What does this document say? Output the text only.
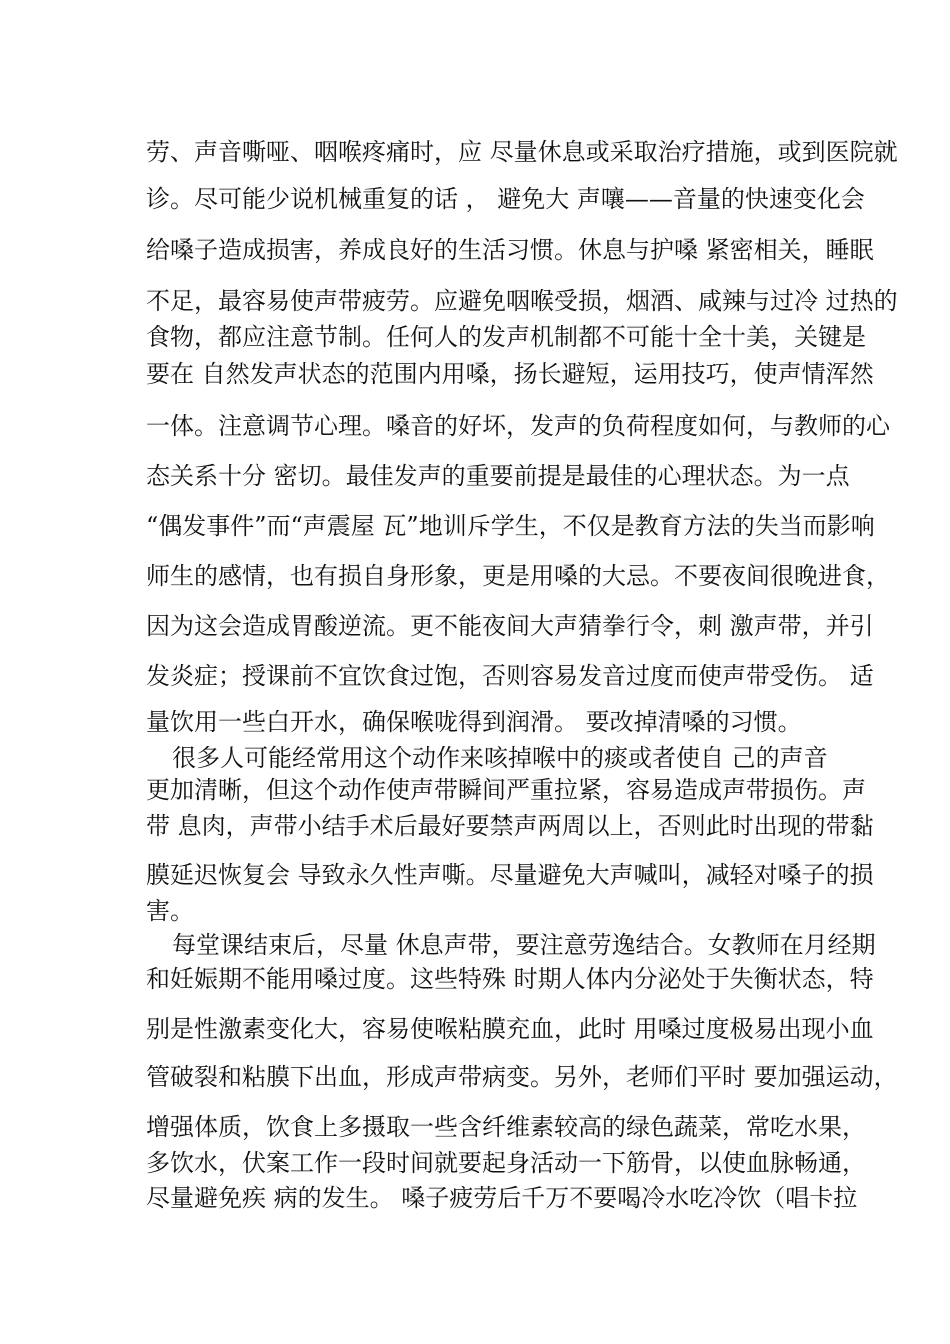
劳、声音嘶哑、咽喉疼痛时，应 尽量休息或采取治疗措施，或到医院就
诊。尽可能少说机械重复的话 ， 避免大 声嚷——音量的快速变化会
给嗓子造成损害，养成良好的生活习惯。休息与护嗓 紧密相关，睡眠
不足，最容易使声带疲劳。应避免咽喉受损，烟酒、咸辣与过冷 过热的
食物，都应注意节制。任何人的发声机制都不可能十全十美，关键是
要在 自然发声状态的范围内用嗓，扬长避短，运用技巧，使声情浑然
一体。注意调节心理。嗓音的好坏，发声的负荷程度如何，与教师的心
态关系十分 密切。最佳发声的重要前提是最佳的心理状态。为一点
“偶发事件”而“声震屋 瓦”地训斥学生，不仅是教育方法的失当而影响
师生的感情，也有损自身形象，更是用嗓的大忌。不要夜间很晚进食，
因为这会造成胃酸逆流。更不能夜间大声猜拳行令，刺 激声带，并引
发炎症；授课前不宜饮食过饱，否则容易发音过度而使声带受伤。 适
量饮用一些白开水，确保喉咙得到润滑。 要改掉清嗓的习惯。
很多人可能经常用这个动作来咳掉喉中的痰或者使自 己的声音
更加清晰，但这个动作使声带瞬间严重拉紧，容易造成声带损伤。声
带 息肉，声带小结手术后最好要禁声两周以上，否则此时出现的带黏
膜延迟恢复会 导致永久性声嘶。尽量避免大声喊叫，减轻对嗓子的损
害。
每堂课结束后，尽量 休息声带，要注意劳逸结合。女教师在月经期
和妊娠期不能用嗓过度。这些特殊 时期人体内分泌处于失衡状态，特
别是性激素变化大，容易使喉粘膜充血，此时 用嗓过度极易出现小血
管破裂和粘膜下出血，形成声带病变。另外，老师们平时 要加强运动，
增强体质，饮食上多摄取一些含纤维素较高的绿色蔬菜，常吃水果，
多饮水，伏案工作一段时间就要起身活动一下筋骨，以使血脉畅通，
尽量避免疾 病的发生。 嗓子疲劳后千万不要喝冷水吃冷饮（唱卡拉
